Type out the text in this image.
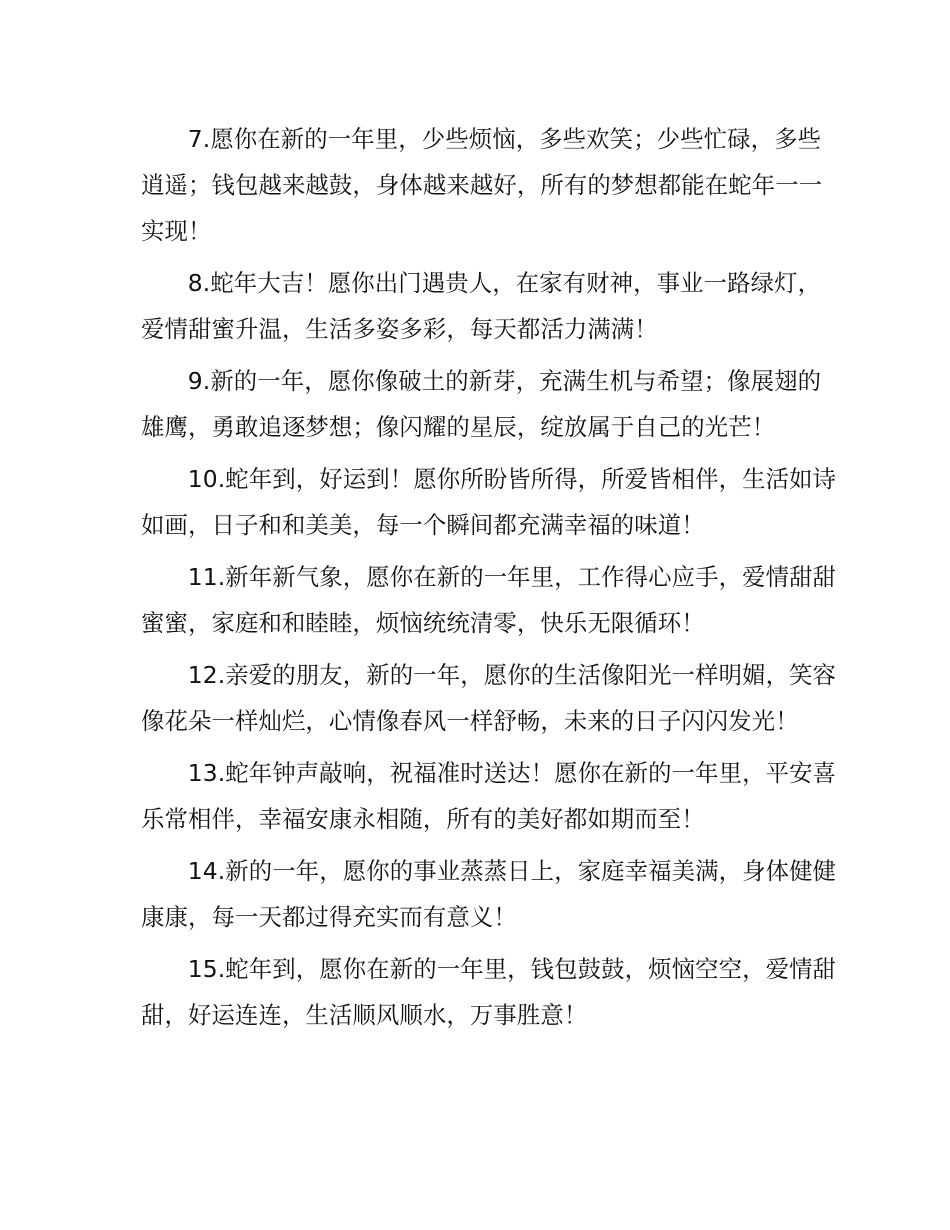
7.愿你在新的一年里，少些烦恼，多些欢笑；少些忙碌，多些逍遥；钱包越来越鼓，身体越来越好，所有的梦想都能在蛇年一一实现！

8.蛇年大吉！愿你出门遇贵人，在家有财神，事业一路绿灯，爱情甜蜜升温，生活多姿多彩，每天都活力满满！

9.新的一年，愿你像破土的新芽，充满生机与希望；像展翅的雄鹰，勇敢追逐梦想；像闪耀的星辰，绽放属于自己的光芒！

10.蛇年到，好运到！愿你所盼皆所得，所爱皆相伴，生活如诗如画，日子和和美美，每一个瞬间都充满幸福的味道！

11.新年新气象，愿你在新的一年里，工作得心应手，爱情甜甜蜜蜜，家庭和和睦睦，烦恼统统清零，快乐无限循环！

12.亲爱的朋友，新的一年，愿你的生活像阳光一样明媚，笑容像花朵一样灿烂，心情像春风一样舒畅，未来的日子闪闪发光！

13.蛇年钟声敲响，祝福准时送达！愿你在新的一年里，平安喜乐常相伴，幸福安康永相随，所有的美好都如期而至！

14.新的一年，愿你的事业蒸蒸日上，家庭幸福美满，身体健健康康，每一天都过得充实而有意义！

15.蛇年到，愿你在新的一年里，钱包鼓鼓，烦恼空空，爱情甜甜，好运连连，生活顺风顺水，万事胜意！
